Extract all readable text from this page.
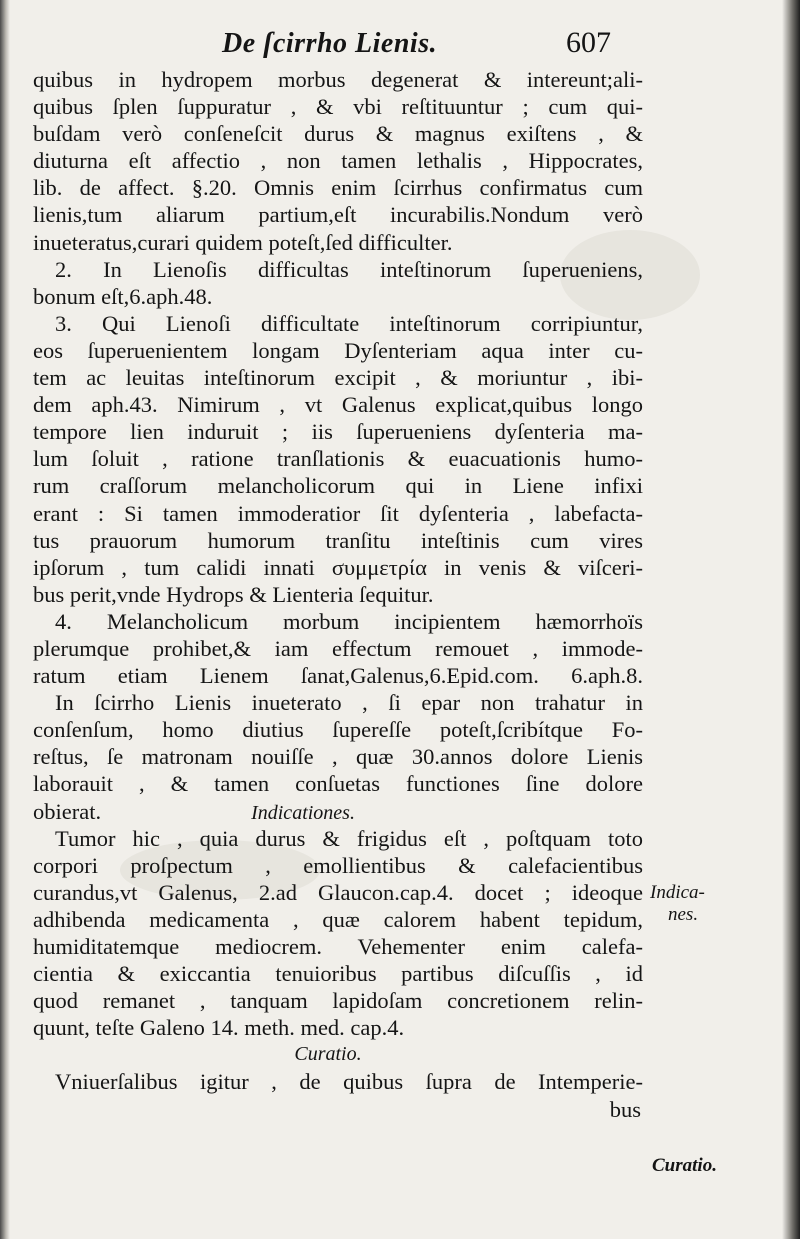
De ſcirrho Lienis.	607
quibus in hydropem morbus degenerat & intereunt;ali-
quibus ſplen ſuppuratur , & vbi reſtituuntur ; cum qui-
buſdam verò conſeneſcit durus & magnus exiſtens , &
diuturna eſt affectio , non tamen lethalis , Hippocrates,
lib. de affect. §.20. Omnis enim ſcirrhus confirmatus cum
lienis,tum aliarum partium,eſt incurabilis.Nondum verò
inueteratus,curari quidem poteſt,ſed difficulter.
2. In Lienoſis difficultas inteſtinorum ſuperueniens,
bonum eſt,6.aph.48.
3. Qui Lienoſi difficultate inteſtinorum corripiuntur,
eos ſuperuenientem longam Dyſenteriam aqua inter cu-
tem ac leuitas inteſtinorum excipit , & moriuntur , ibi-
dem aph.43. Nimirum , vt Galenus explicat,quibus longo
tempore lien induruit ; iis ſuperueniens dyſenteria ma-
lum ſoluit , ratione tranſlationis & euacuationis humo-
rum craſſorum melancholicorum qui in Liene infixi
erant : Si tamen immoderatior ſit dyſenteria , labefacta-
tus prauorum humorum tranſitu inteſtinis cum vires
ipſorum , tum calidi innati συμμετρία in venis & viſceri-
bus perit,vnde Hydrops & Lienteria ſequitur.
4. Melancholicum morbum incipientem hæmorrhoïs
plerumque prohibet,& iam effectum remouet , immode-
ratum etiam Lienem ſanat,Galenus,6.Epid.com. 6.aph.8.
In ſcirrho Lienis inueterato , ſi epar non trahatur in
conſenſum, homo diutius ſupereſſe poteſt,ſcribítque Fo-
reſtus, ſe matronam nouiſſe , quæ 30.annos dolore Lienis
laborauit , & tamen conſuetas functiones ſine dolore
obierat.	Indicationes.
Tumor hic , quia durus & frigidus eſt , poſtquam toto
corpori proſpectum , emollientibus & calefacientibus
curandus,vt Galenus, 2.ad Glaucon.cap.4. docet ; ideoque
adhibenda medicamenta , quæ calorem habent tepidum,
humiditatemque mediocrem. Vehementer enim calefa-
cientia & exiccantia tenuioribus partibus diſcuſſis , id
quod remanet , tanquam lapidoſam concretionem relin-
quunt, teſte Galeno 14. meth. med. cap.4.
Curatio.
Vniuerſalibus igitur , de quibus ſupra de Intemperie-
bus
Indica-
nes.
Curatio.
